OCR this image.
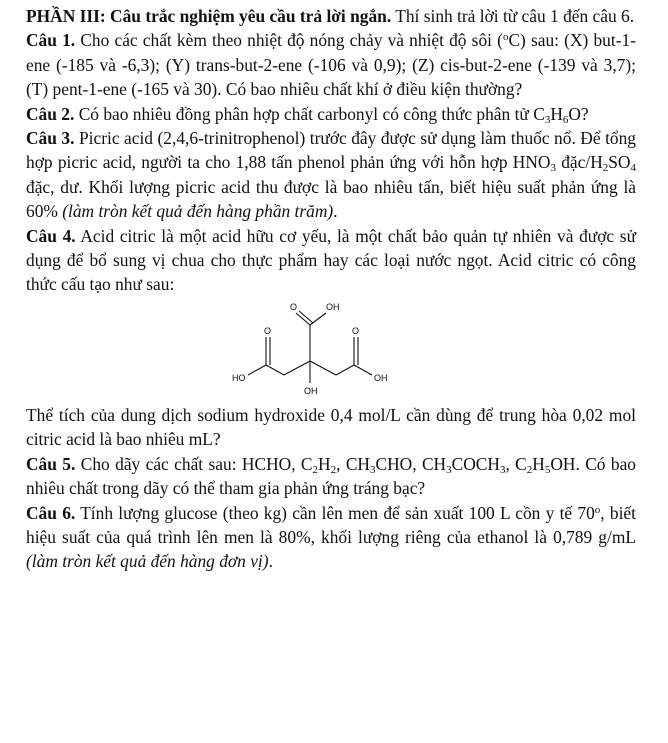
PHẦN III: Câu trắc nghiệm yêu cầu trả lời ngắn. Thí sinh trả lời từ câu 1 đến câu 6.

Câu 1. Cho các chất kèm theo nhiệt độ nóng chảy và nhiệt độ sôi ($^o$C) sau: (X) but-1-ene (-185 và -6,3); (Y) trans-but-2-ene (-106 và 0,9); (Z) cis-but-2-ene (-139 và 3,7); (T) pent-1-ene (-165 và 30). Có bao nhiêu chất khí ở điều kiện thường?

Câu 2. Có bao nhiêu đồng phân hợp chất carbonyl có công thức phân tử $C_3H_6O$?

Câu 3. Picric acid (2,4,6-trinitrophenol) trước đây được sử dụng làm thuốc nổ. Để tổng hợp picric acid, người ta cho 1,88 tấn phenol phản ứng với hỗn hợp $HNO_3$ đặc/$H_2SO_4$ đặc, dư. Khối lượng picric acid thu được là bao nhiêu tấn, biết hiệu suất phản ứng là 60% (làm tròn kết quả đến hàng phần trăm).

Câu 4. Acid citric là một acid hữu cơ yếu, là một chất bảo quản tự nhiên và được sử dụng để bổ sung vị chua cho thực phẩm hay các loại nước ngọt. Acid citric có công thức cấu tạo như sau:

O	OH
O	O
HO	OH
OH

Thể tích của dung dịch sodium hydroxide 0,4 mol/L cần dùng để trung hòa 0,02 mol citric acid là bao nhiêu mL?

Câu 5. Cho dãy các chất sau: HCHO, $C_2H_2$, $CH_3CHO$, $CH_3COCH_3$, $C_2H_5OH$. Có bao nhiêu chất trong dãy có thể tham gia phản ứng tráng bạc?

Câu 6. Tính lượng glucose (theo kg) cần lên men để sản xuất 100 L cồn y tế 70$^o$, biết hiệu suất của quá trình lên men là 80%, khối lượng riêng của ethanol là 0,789 g/mL (làm tròn kết quả đến hàng đơn vị).
